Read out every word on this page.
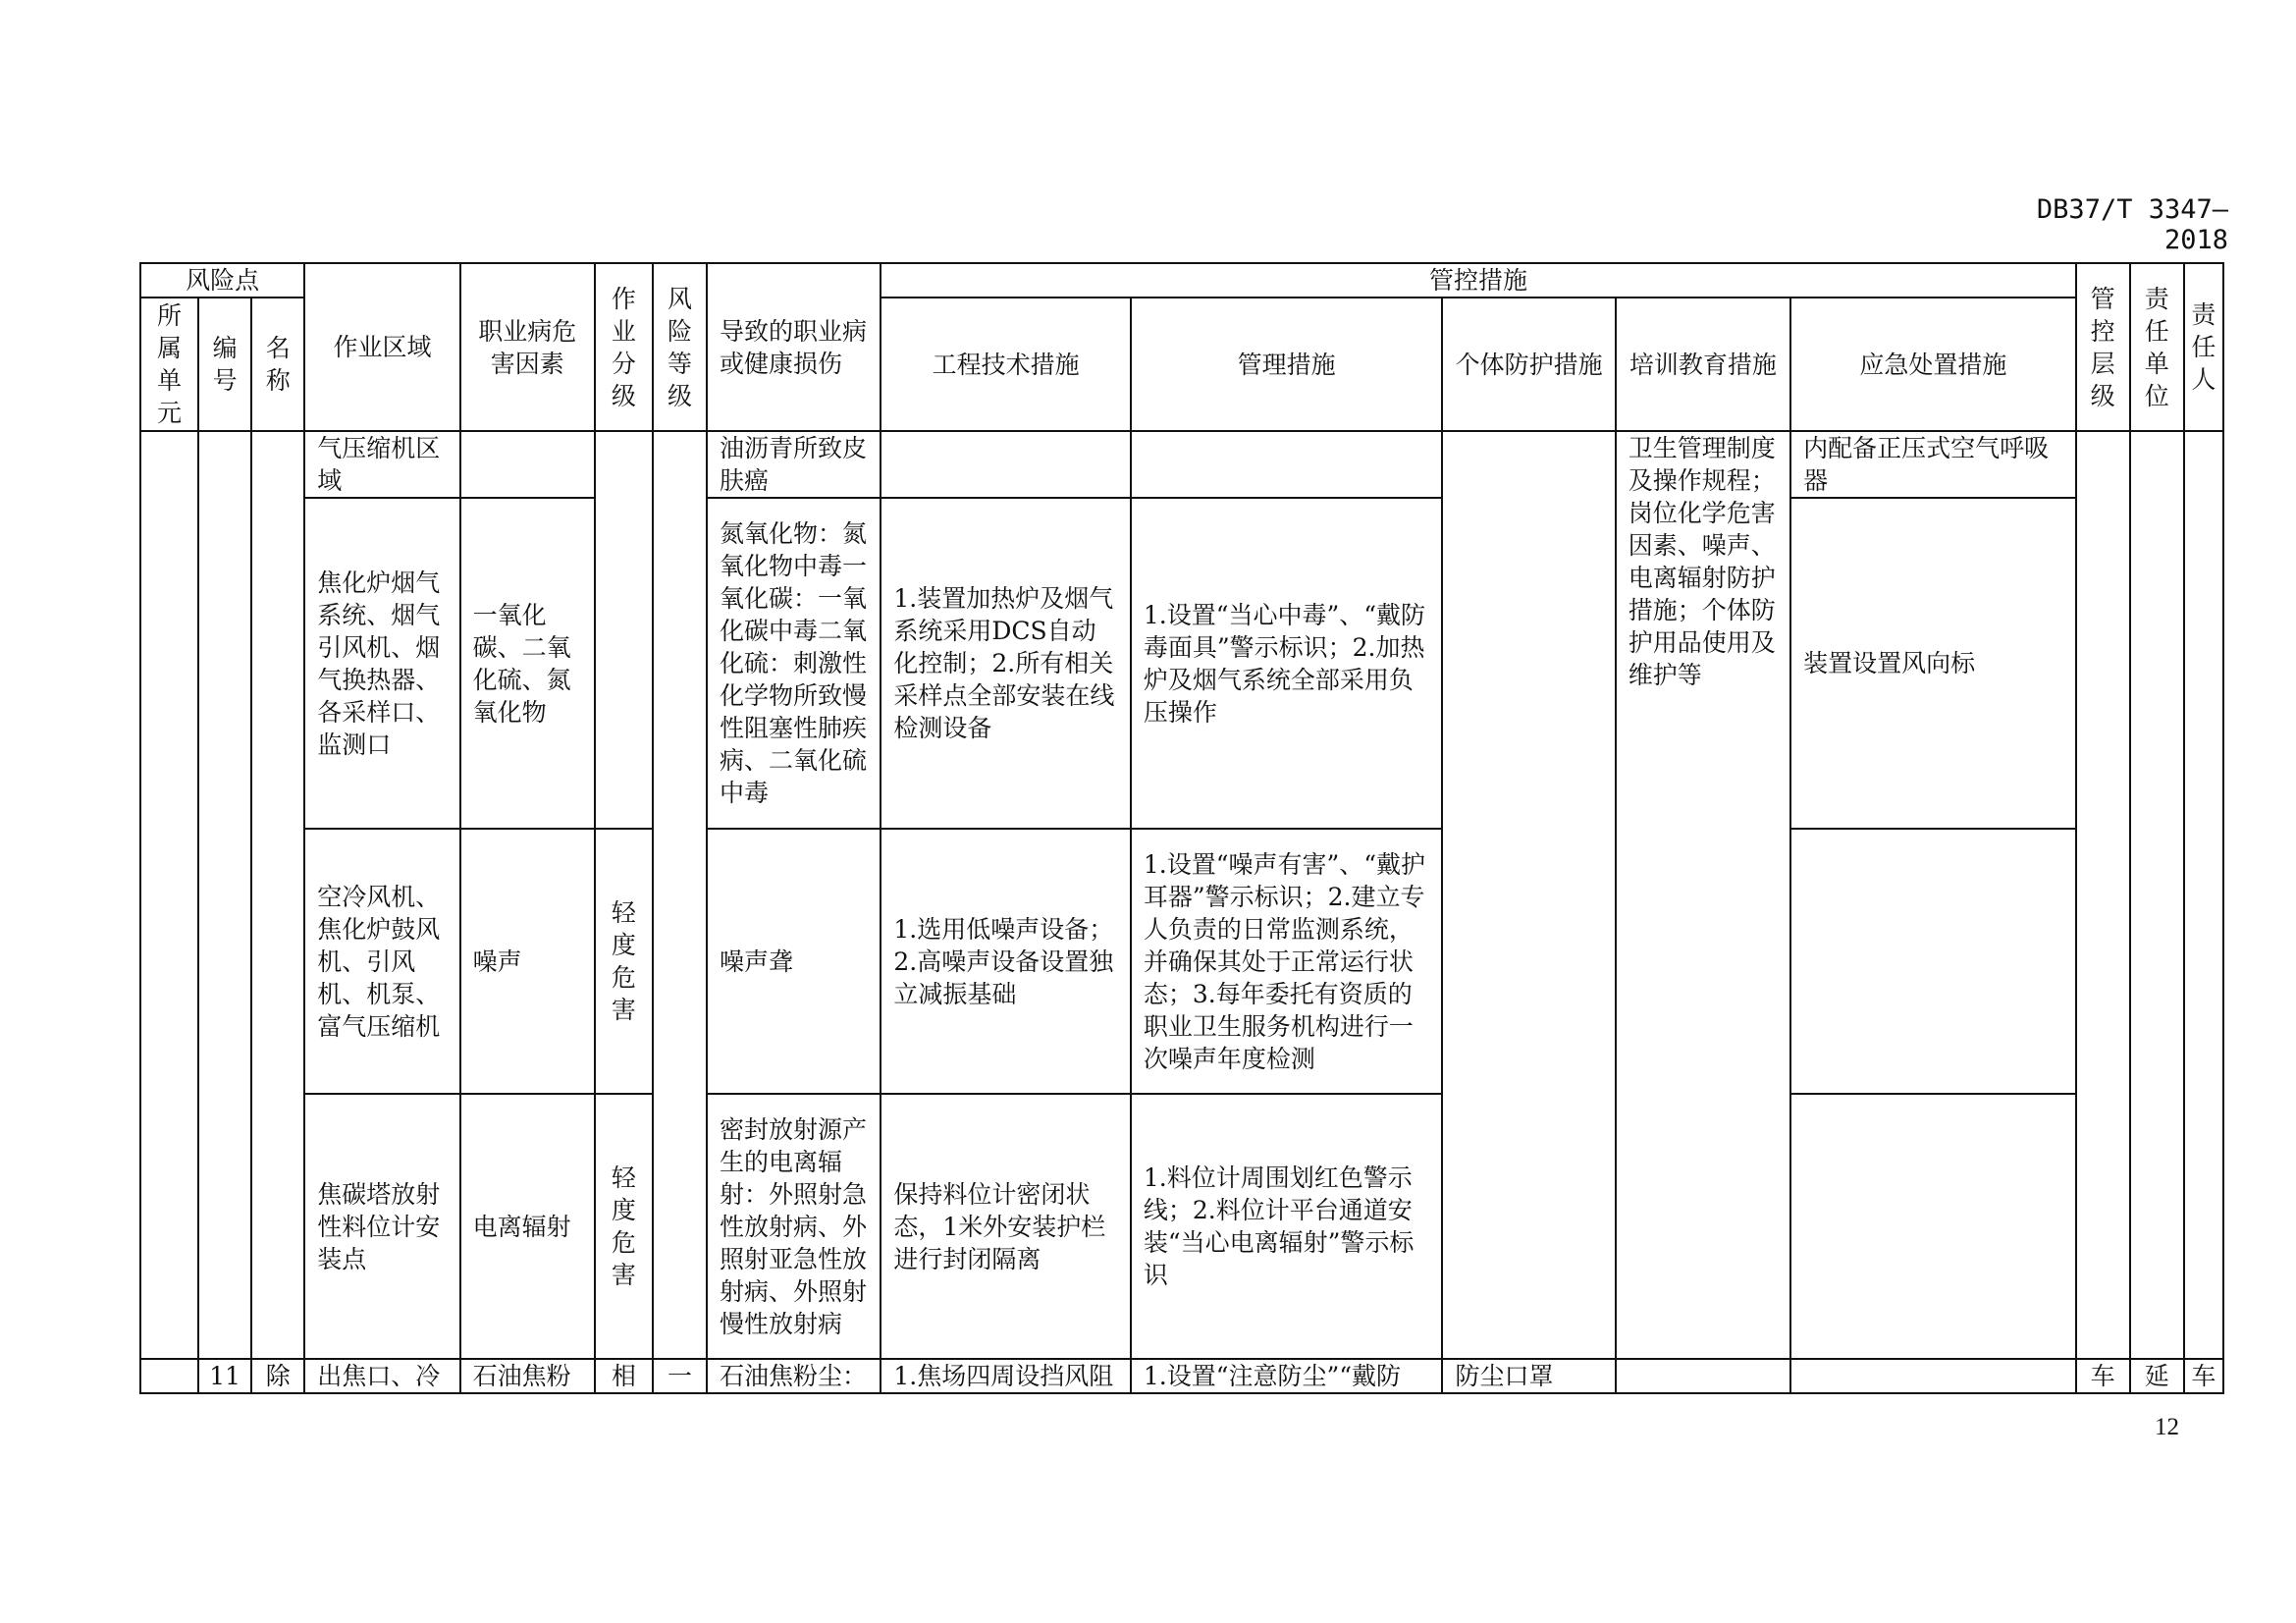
DB37/T 3347—2018
风险点			作业区域	职业病危害因素	作业分级	风险等级	导致的职业病或健康损伤	管控措施					管控层级	责任单位	责任人
所属单元	编号	名称						工程技术措施	管理措施	个体防护措施	培训教育措施	应急处置措施			
			气压缩机区域				油沥青所致皮肤癌				卫生管理制度及操作规程；岗位化学危害因素、噪声、电离辐射防护措施；个体防护用品使用及维护等	内配备正压式空气呼吸器			
			焦化炉烟气系统、烟气引风机、烟气换热器、各采样口、监测口	一氧化碳、二氧化硫、氮氧化物			氮氧化物：氮氧化物中毒一氧化碳：一氧化碳中毒二氧化硫：刺激性化学物所致慢性阻塞性肺疾病、二氧化硫中毒	1.装置加热炉及烟气系统采用DCS自动化控制；2.所有相关采样点全部安装在线检测设备	1.设置“当心中毒”、“戴防毒面具”警示标识；2.加热炉及烟气系统全部采用负压操作			装置设置风向标			
			空冷风机、焦化炉鼓风机、引风机、机泵、富气压缩机	噪声	轻度危害		噪声聋	1.选用低噪声设备；2.高噪声设备设置独立减振基础	1.设置“噪声有害”、“戴护耳器”警示标识；2.建立专人负责的日常监测系统，并确保其处于正常运行状态；3.每年委托有资质的职业卫生服务机构进行一次噪声年度检测						
			焦碳塔放射性料位计安装点	电离辐射	轻度危害		密封放射源产生的电离辐射：外照射急性放射病、外照射亚急性放射病、外照射慢性放射病	保持料位计密闭状态，1米外安装护栏进行封闭隔离	1.料位计周围划红色警示线；2.料位计平台通道安装“当心电离辐射”警示标识						
	11	除	出焦口、冷	石油焦粉	相	一	石油焦粉尘：	1.焦场四周设挡风阻	1.设置“注意防尘”“戴防	防尘口罩			车	延	车
12
